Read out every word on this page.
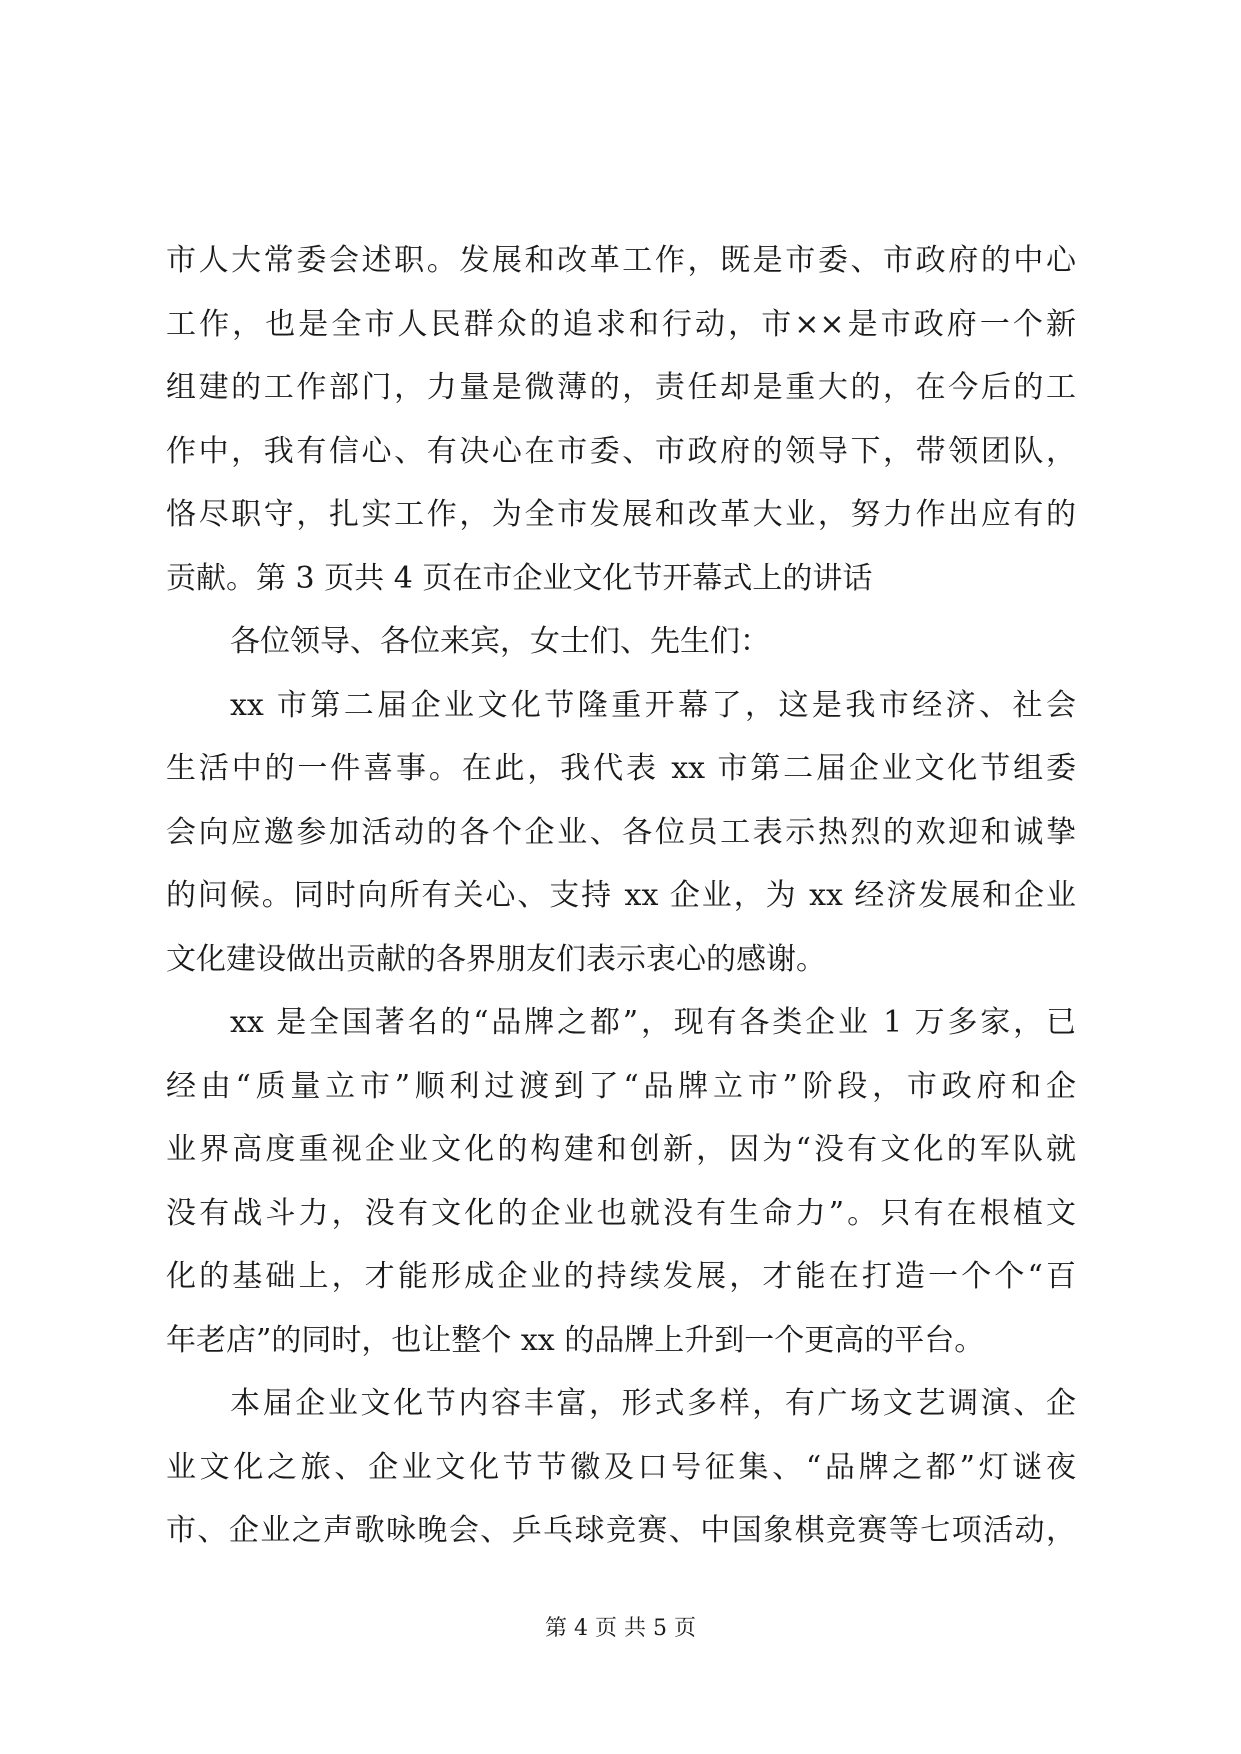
市人大常委会述职。发展和改革工作，既是市委、市政府的中心
工作，也是全市人民群众的追求和行动，市××是市政府一个新
组建的工作部门，力量是微薄的，责任却是重大的，在今后的工
作中，我有信心、有决心在市委、市政府的领导下，带领团队，
恪尽职守，扎实工作，为全市发展和改革大业，努力作出应有的
贡献。第 3 页共 4 页在市企业文化节开幕式上的讲话
各位领导、各位来宾，女士们、先生们：
xx 市第二届企业文化节隆重开幕了，这是我市经济、社会
生活中的一件喜事。在此，我代表 xx 市第二届企业文化节组委
会向应邀参加活动的各个企业、各位员工表示热烈的欢迎和诚挚
的问候。同时向所有关心、支持 xx 企业，为 xx 经济发展和企业
文化建设做出贡献的各界朋友们表示衷心的感谢。
xx 是全国著名的“品牌之都”，现有各类企业 1 万多家，已
经由“质量立市”顺利过渡到了“品牌立市”阶段，市政府和企
业界高度重视企业文化的构建和创新，因为“没有文化的军队就
没有战斗力，没有文化的企业也就没有生命力”。只有在根植文
化的基础上，才能形成企业的持续发展，才能在打造一个个“百
年老店”的同时，也让整个 xx 的品牌上升到一个更高的平台。
本届企业文化节内容丰富，形式多样，有广场文艺调演、企
业文化之旅、企业文化节节徽及口号征集、“品牌之都”灯谜夜
市、企业之声歌咏晚会、乒乓球竞赛、中国象棋竞赛等七项活动，
第 4 页 共 5 页
